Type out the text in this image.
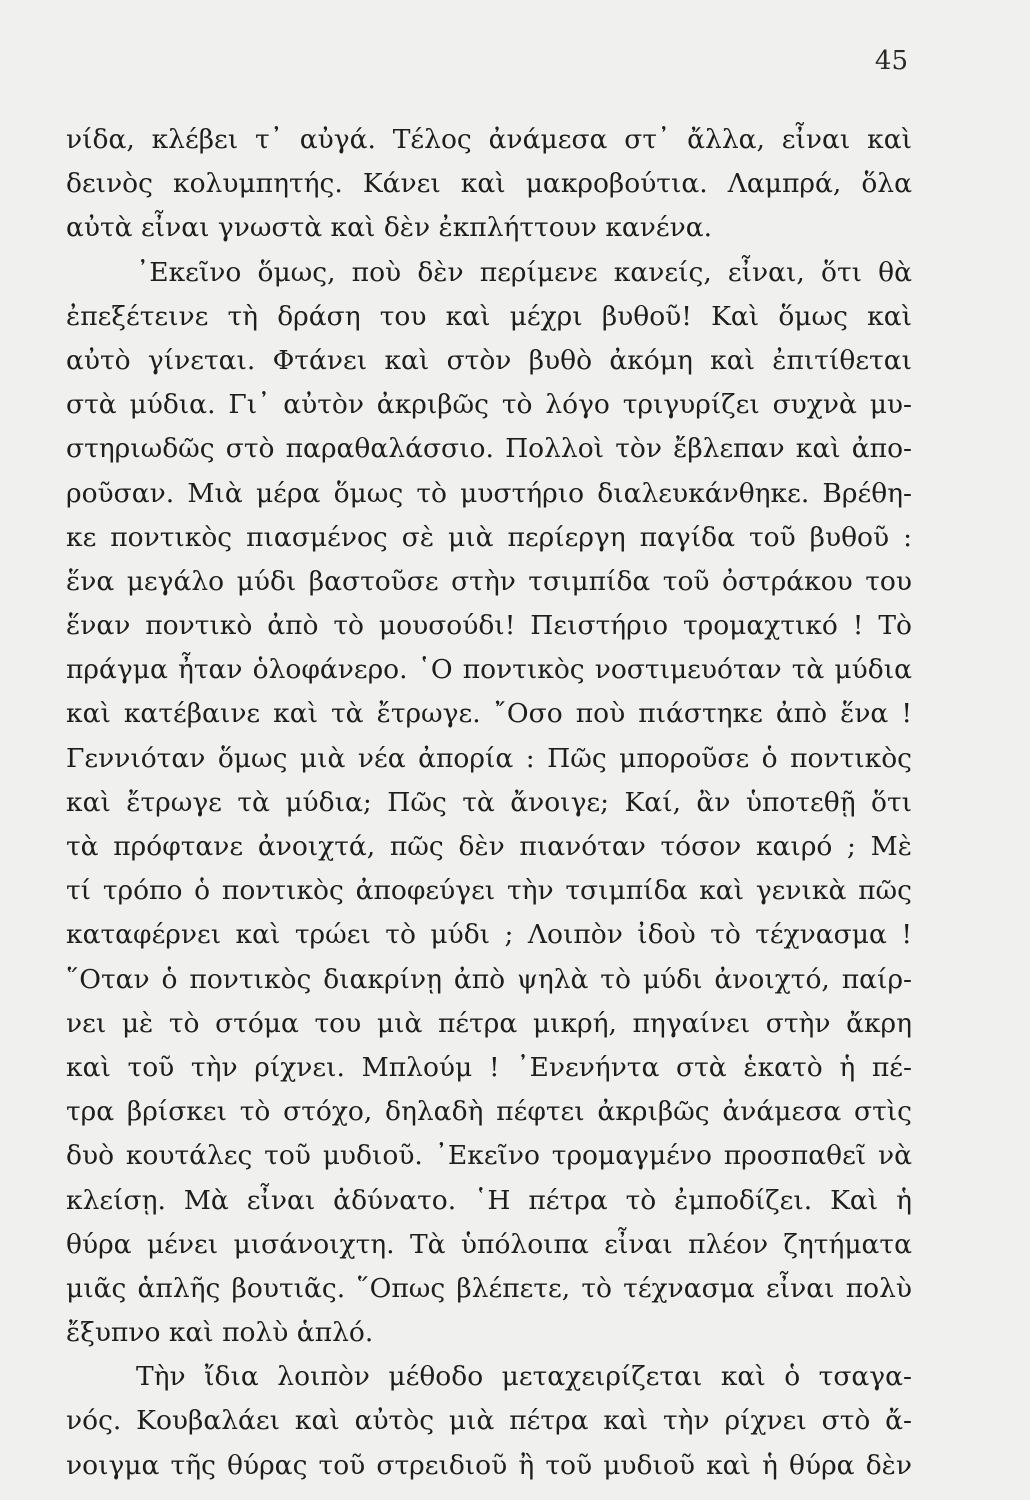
45
νίδα, κλέβει τ᾽ αὐγά. Τέλος ἀνάμεσα στ᾽ ἄλλα, εἶναι καὶ
δεινὸς κολυμπητής. Κάνει καὶ μακροβούτια. Λαμπρά, ὅλα
αὐτὰ εἶναι γνωστὰ καὶ δὲν ἐκπλήττουν κανένα.
᾽Εκεῖνο ὅμως, ποὺ δὲν περίμενε κανείς, εἶναι, ὅτι θὰ
ἐπεξέτεινε τὴ δράση του καὶ μέχρι βυθοῦ! Καὶ ὅμως καὶ
αὐτὸ γίνεται. Φτάνει καὶ στὸν βυθὸ ἀκόμη καὶ ἐπιτίθεται
στὰ μύδια. Γι᾽ αὐτὸν ἀκριβῶς τὸ λόγο τριγυρίζει συχνὰ μυ-
στηριωδῶς στὸ παραθαλάσσιο. Πολλοὶ τὸν ἔβλεπαν καὶ ἀπο-
ροῦσαν. Μιὰ μέρα ὅμως τὸ μυστήριο διαλευκάνθηκε. Βρέθη-
κε ποντικὸς πιασμένος σὲ μιὰ περίεργη παγίδα τοῦ βυθοῦ :
ἕνα μεγάλο μύδι βαστοῦσε στὴν τσιμπίδα τοῦ ὀστράκου του
ἕναν ποντικὸ ἀπὸ τὸ μουσούδι! Πειστήριο τρομαχτικό ! Τὸ
πράγμα ἦταν ὁλοφάνερο. ῾Ο ποντικὸς νοστιμευόταν τὰ μύδια
καὶ κατέβαινε καὶ τὰ ἔτρωγε. ῎Οσο ποὺ πιάστηκε ἀπὸ ἕνα !
Γεννιόταν ὅμως μιὰ νέα ἀπορία : Πῶς μποροῦσε ὁ ποντικὸς
καὶ ἔτρωγε τὰ μύδια; Πῶς τὰ ἄνοιγε; Καί, ἂν ὑποτεθῇ ὅτι
τὰ πρόφτανε ἀνοιχτά, πῶς δὲν πιανόταν τόσον καιρό ; Μὲ
τί τρόπο ὁ ποντικὸς ἀποφεύγει τὴν τσιμπίδα καὶ γενικὰ πῶς
καταφέρνει καὶ τρώει τὸ μύδι ; Λοιπὸν ἰδοὺ τὸ τέχνασμα !
῞Οταν ὁ ποντικὸς διακρίνῃ ἀπὸ ψηλὰ τὸ μύδι ἀνοιχτό, παίρ-
νει μὲ τὸ στόμα του μιὰ πέτρα μικρή, πηγαίνει στὴν ἄκρη
καὶ τοῦ τὴν ρίχνει. Μπλούμ ! ᾽Ενενήντα στὰ ἑκατὸ ἡ πέ-
τρα βρίσκει τὸ στόχο, δηλαδὴ πέφτει ἀκριβῶς ἀνάμεσα στὶς
δυὸ κουτάλες τοῦ μυδιοῦ. ᾽Εκεῖνο τρομαγμένο προσπαθεῖ νὰ
κλείσῃ. Μὰ εἶναι ἀδύνατο. ῾Η πέτρα τὸ ἐμποδίζει. Καὶ ἡ
θύρα μένει μισάνοιχτη. Τὰ ὑπόλοιπα εἶναι πλέον ζητήματα
μιᾶς ἁπλῆς βουτιᾶς. ῞Οπως βλέπετε, τὸ τέχνασμα εἶναι πολὺ
ἔξυπνο καὶ πολὺ ἁπλό.
Τὴν ἴδια λοιπὸν μέθοδο μεταχειρίζεται καὶ ὁ τσαγα-
νός. Κουβαλάει καὶ αὐτὸς μιὰ πέτρα καὶ τὴν ρίχνει στὸ ἄ-
νοιγμα τῆς θύρας τοῦ στρειδιοῦ ἢ τοῦ μυδιοῦ καὶ ἡ θύρα δὲν
